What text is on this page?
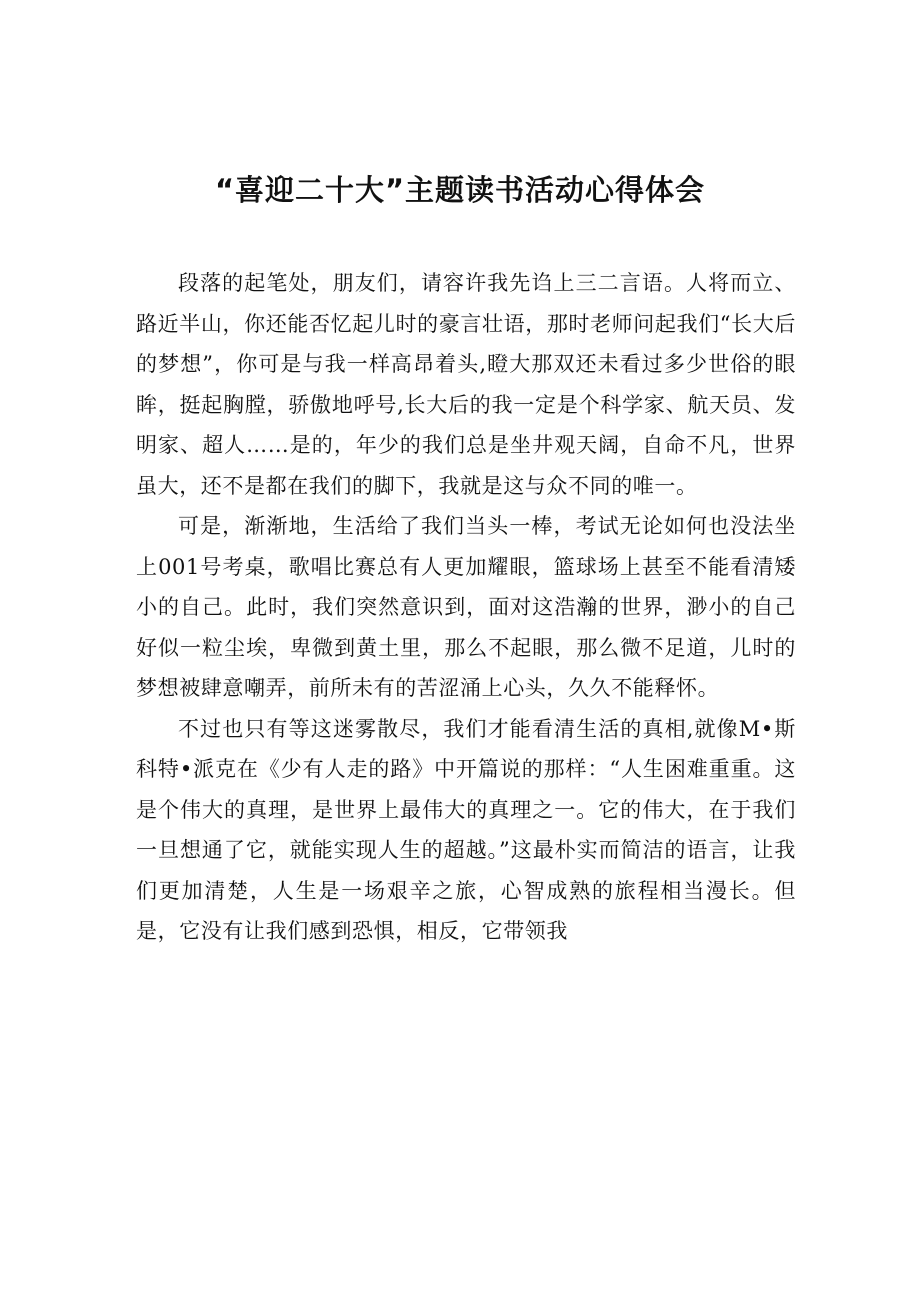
“喜迎二十大”主题读书活动心得体会

段落的起笔处，朋友们，请容许我先诌上三二言语。人将而立、路近半山，你还能否忆起儿时的豪言壮语，那时老师问起我们“长大后的梦想”，你可是与我一样高昂着头,瞪大那双还未看过多少世俗的眼眸，挺起胸膛，骄傲地呼号,长大后的我一定是个科学家、航天员、发明家、超人……是的，年少的我们总是坐井观天阔，自命不凡，世界虽大，还不是都在我们的脚下，我就是这与众不同的唯一。

可是，渐渐地，生活给了我们当头一棒，考试无论如何也没法坐上001号考桌，歌唱比赛总有人更加耀眼，篮球场上甚至不能看清矮小的自己。此时，我们突然意识到，面对这浩瀚的世界，渺小的自己好似一粒尘埃，卑微到黄土里，那么不起眼，那么微不足道，儿时的梦想被肆意嘲弄，前所未有的苦涩涌上心头，久久不能释怀。

不过也只有等这迷雾散尽，我们才能看清生活的真相,就像M•斯科特•派克在《少有人走的路》中开篇说的那样：“人生困难重重。这是个伟大的真理，是世界上最伟大的真理之一。它的伟大，在于我们一旦想通了它，就能实现人生的超越。”这最朴实而简洁的语言，让我们更加清楚，人生是一场艰辛之旅，心智成熟的旅程相当漫长。但是，它没有让我们感到恐惧，相反，它带领我
